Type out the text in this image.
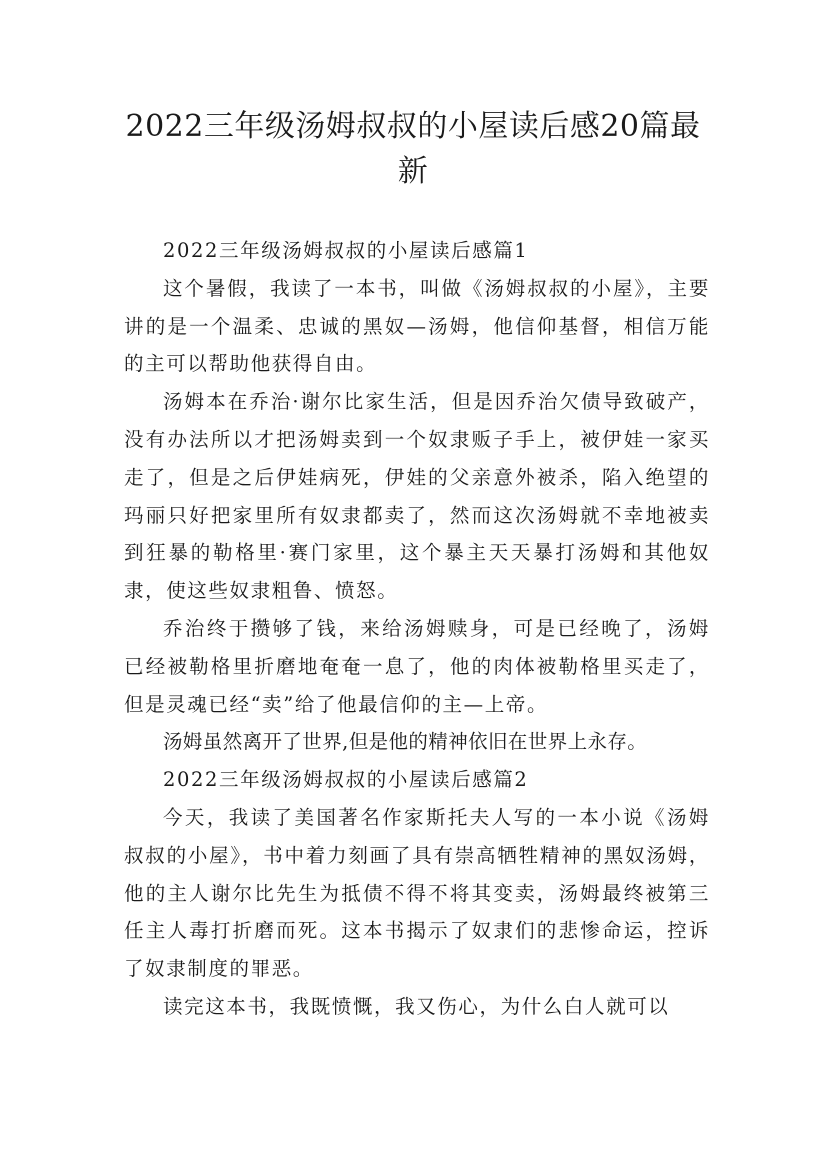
2022三年级汤姆叔叔的小屋读后感20篇最新

2022三年级汤姆叔叔的小屋读后感篇1

这个暑假，我读了一本书，叫做《汤姆叔叔的小屋》，主要讲的是一个温柔、忠诚的黑奴—汤姆，他信仰基督，相信万能的主可以帮助他获得自由。

汤姆本在乔治·谢尔比家生活，但是因乔治欠债导致破产，没有办法所以才把汤姆卖到一个奴隶贩子手上，被伊娃一家买走了，但是之后伊娃病死，伊娃的父亲意外被杀，陷入绝望的玛丽只好把家里所有奴隶都卖了，然而这次汤姆就不幸地被卖到狂暴的勒格里·赛门家里，这个暴主天天暴打汤姆和其他奴隶，使这些奴隶粗鲁、愤怒。

乔治终于攒够了钱，来给汤姆赎身，可是已经晚了，汤姆已经被勒格里折磨地奄奄一息了，他的肉体被勒格里买走了，但是灵魂已经“卖”给了他最信仰的主—上帝。

汤姆虽然离开了世界,但是他的精神依旧在世界上永存。

2022三年级汤姆叔叔的小屋读后感篇2

今天，我读了美国著名作家斯托夫人写的一本小说《汤姆叔叔的小屋》，书中着力刻画了具有崇高牺牲精神的黑奴汤姆，他的主人谢尔比先生为抵债不得不将其变卖，汤姆最终被第三任主人毒打折磨而死。这本书揭示了奴隶们的悲惨命运，控诉了奴隶制度的罪恶。

读完这本书，我既愤慨，我又伤心，为什么白人就可以
